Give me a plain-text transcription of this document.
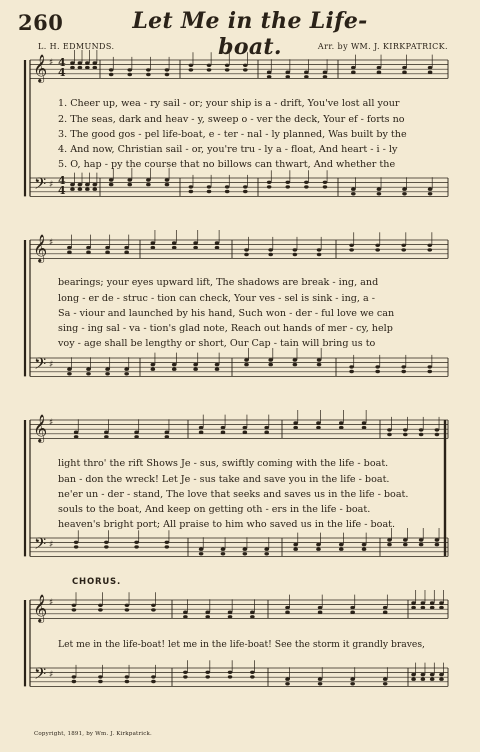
260	Let Me in the Life-boat.
L. H. EDMUNDS.	Arr. by WM. J. KIRKPATRICK.
𝄞
𝄢
♯
♯
𝄞
𝄢
♯
♯
𝄞
𝄢
♯
♯
𝄞
𝄢
♯
♯
4
4
4
4
1. Cheer up, wea - ry sail - or; your ship is a - drift, You've lost all your
2. The seas, dark and heav - y, sweep o - ver the deck, Your ef - forts no
3. The good gos - pel life-boat, e - ter - nal - ly planned, Was built by the
4. And now, Christian sail - or, you're tru - ly a - float, And heart - i - ly
5. O, hap - py the course that no billows can thwart, And whether the
bearings; your eyes upward lift, The shadows are break - ing, and
long - er de - struc - tion can check, Your ves - sel is sink - ing, a -
Sa - viour and launched by his hand, Such won - der - ful love we can
sing - ing sal - va - tion's glad note, Reach out hands of mer - cy, help
voy - age shall be lengthy or short, Our Cap - tain will bring us to
light thro' the rift Shows Je - sus, swiftly coming with the life - boat.
ban - don the wreck! Let Je - sus take and save you in the life - boat.
ne'er un - der - stand, The love that seeks and saves us in the life - boat.
souls to the boat, And keep on getting oth - ers in the life - boat.
heaven's bright port; All praise to him who saved us in the life - boat.
Let me in the life-boat! let me in the life-boat! See the storm it grandly braves,
CHORUS.
Copyright, 1891, by Wm. J. Kirkpatrick.
